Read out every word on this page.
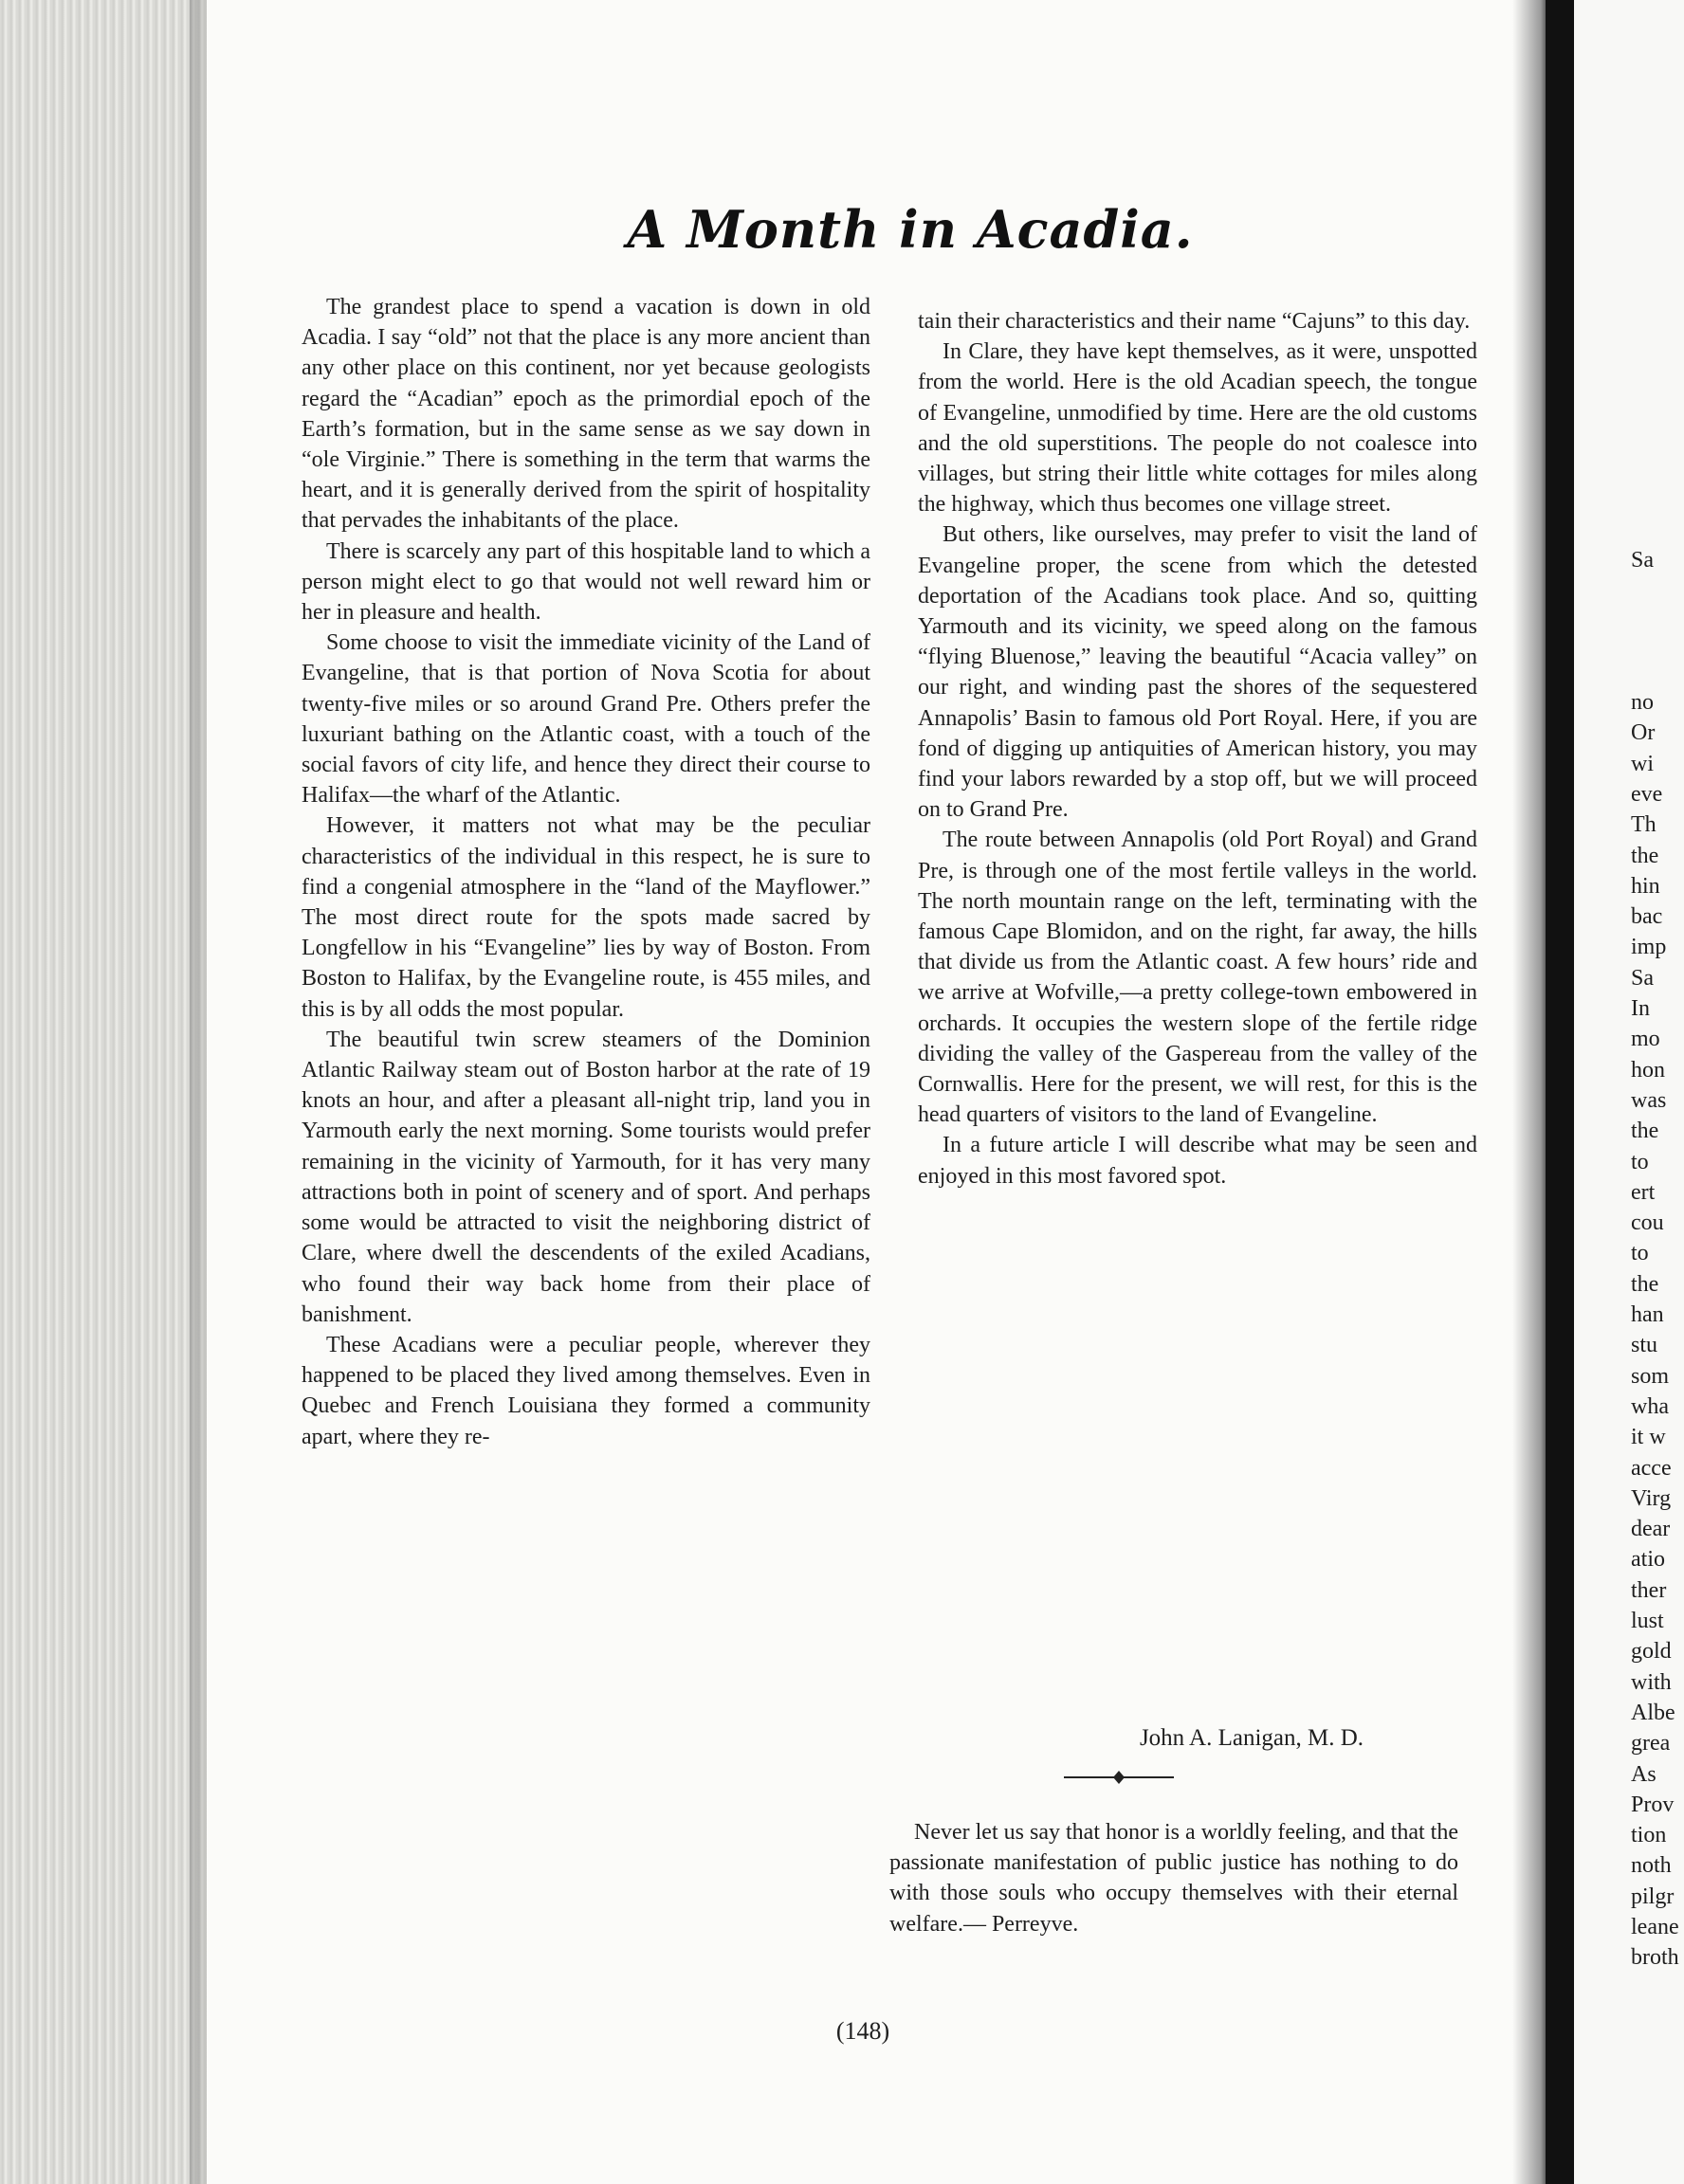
A Month in Acadia.

The grandest place to spend a vacation is down in old Acadia. I say “old” not that the place is any more ancient than any other place on this continent, nor yet because geologists regard the “Acadian” epoch as the primordial epoch of the Earth’s formation, but in the same sense as we say down in “ole Virginie.” There is something in the term that warms the heart, and it is generally derived from the spirit of hospitality that pervades the inhabitants of the place.

There is scarcely any part of this hospitable land to which a person might elect to go that would not well reward him or her in pleasure and health.

Some choose to visit the immediate vicinity of the Land of Evangeline, that is that portion of Nova Scotia for about twenty-five miles or so around Grand Pre. Others prefer the luxuriant bathing on the Atlantic coast, with a touch of the social favors of city life, and hence they direct their course to Halifax—the wharf of the Atlantic.

However, it matters not what may be the peculiar characteristics of the individual in this respect, he is sure to find a congenial atmosphere in the “land of the Mayflower.” The most direct route for the spots made sacred by Longfellow in his “Evangeline” lies by way of Boston. From Boston to Halifax, by the Evangeline route, is 455 miles, and this is by all odds the most popular.

The beautiful twin screw steamers of the Dominion Atlantic Railway steam out of Boston harbor at the rate of 19 knots an hour, and after a pleasant all-night trip, land you in Yarmouth early the next morning. Some tourists would prefer remaining in the vicinity of Yarmouth, for it has very many attractions both in point of scenery and of sport. And perhaps some would be attracted to visit the neighboring district of Clare, where dwell the descendents of the exiled Acadians, who found their way back home from their place of banishment.

These Acadians were a peculiar people, wherever they happened to be placed they lived among themselves. Even in Quebec and French Louisiana they formed a community apart, where they re-

tain their characteristics and their name “Cajuns” to this day.

In Clare, they have kept themselves, as it were, unspotted from the world. Here is the old Acadian speech, the tongue of Evangeline, unmodified by time. Here are the old customs and the old superstitions. The people do not coalesce into villages, but string their little white cottages for miles along the highway, which thus becomes one village street.

But others, like ourselves, may prefer to visit the land of Evangeline proper, the scene from which the detested deportation of the Acadians took place. And so, quitting Yarmouth and its vicinity, we speed along on the famous “flying Bluenose,” leaving the beautiful “Acacia valley” on our right, and winding past the shores of the sequestered Annapolis’ Basin to famous old Port Royal. Here, if you are fond of digging up antiquities of American history, you may find your labors rewarded by a stop off, but we will proceed on to Grand Pre.

The route between Annapolis (old Port Royal) and Grand Pre, is through one of the most fertile valleys in the world. The north mountain range on the left, terminating with the famous Cape Blomidon, and on the right, far away, the hills that divide us from the Atlantic coast. A few hours’ ride and we arrive at Wofville,—a pretty college-town embowered in orchards. It occupies the western slope of the fertile ridge dividing the valley of the Gaspereau from the valley of the Cornwallis. Here for the present, we will rest, for this is the head quarters of visitors to the land of Evangeline.

In a future article I will describe what may be seen and enjoyed in this most favored spot.

John A. Lanigan, M. D.

Never let us say that honor is a worldly feeling, and that the passionate manifestation of public justice has nothing to do with those souls who occupy themselves with their eternal welfare.— Perreyve.

(148)
Sa
no
Or
wi
eve
Th
the
hin
bac
imp
Sa
In
mo
hon
was
the
to
ert
cou
to
the
han
stu
som
wha
it w
acce
Virg
dear
atio
ther
lust
gold
with
Albe
grea
As
Prov
tion
noth
pilgr
leane
broth
